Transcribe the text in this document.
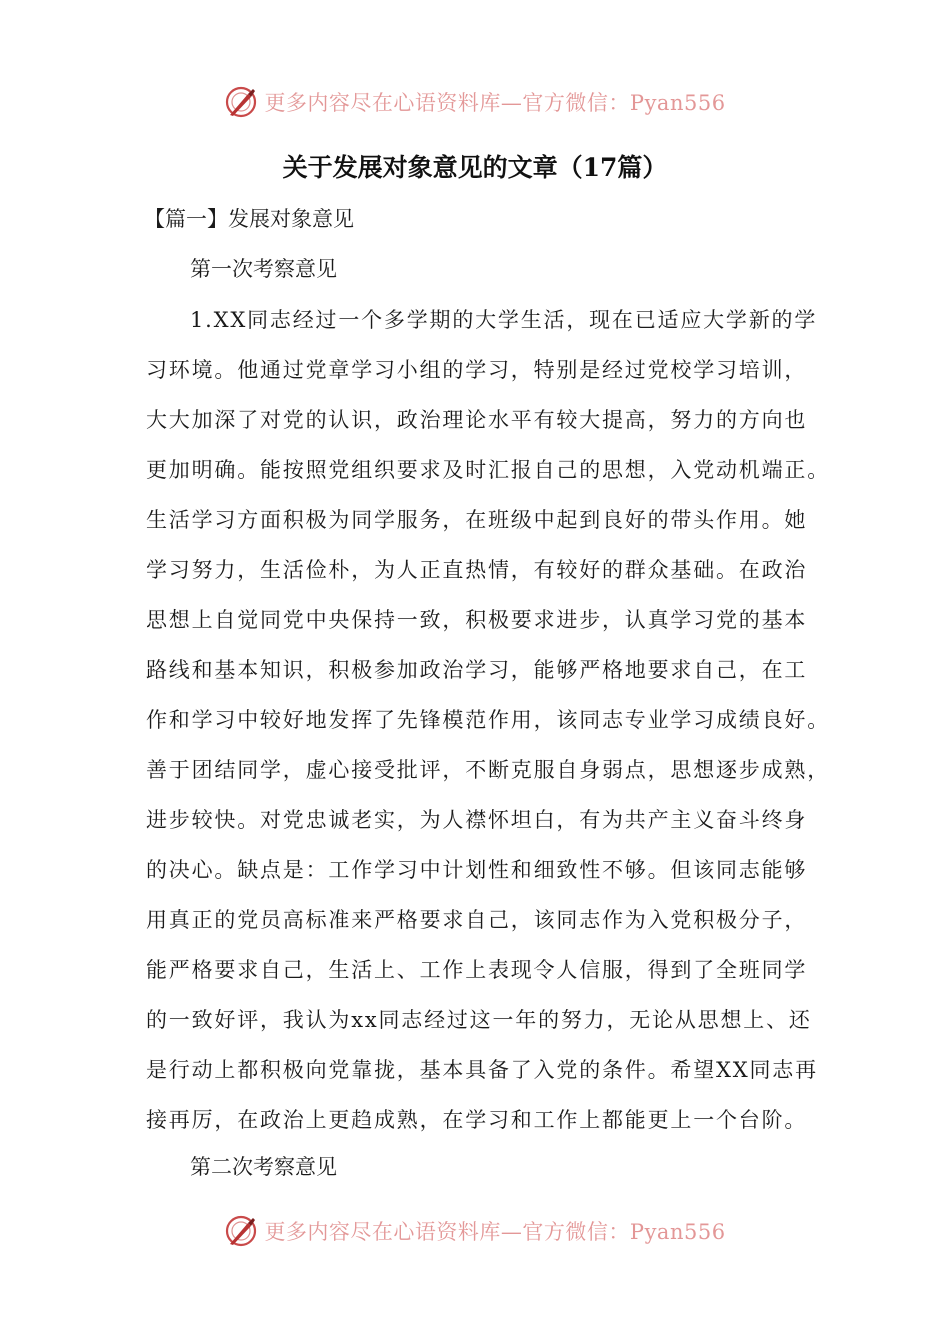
更多内容尽在心语资料库—官方微信：Pyan556
关于发展对象意见的文章（17篇）
【篇一】发展对象意见
第一次考察意见
1.XX同志经过一个多学期的大学生活，现在已适应大学新的学
习环境。他通过党章学习小组的学习，特别是经过党校学习培训，
大大加深了对党的认识，政治理论水平有较大提高，努力的方向也
更加明确。能按照党组织要求及时汇报自己的思想，入党动机端正。
生活学习方面积极为同学服务，在班级中起到良好的带头作用。她
学习努力，生活俭朴，为人正直热情，有较好的群众基础。在政治
思想上自觉同党中央保持一致，积极要求进步，认真学习党的基本
路线和基本知识，积极参加政治学习，能够严格地要求自己，在工
作和学习中较好地发挥了先锋模范作用，该同志专业学习成绩良好。
善于团结同学，虚心接受批评，不断克服自身弱点，思想逐步成熟，
进步较快。对党忠诚老实，为人襟怀坦白，有为共产主义奋斗终身
的决心。缺点是：工作学习中计划性和细致性不够。但该同志能够
用真正的党员高标准来严格要求自己，该同志作为入党积极分子，
能严格要求自己，生活上、工作上表现令人信服，得到了全班同学
的一致好评，我认为xx同志经过这一年的努力，无论从思想上、还
是行动上都积极向党靠拢，基本具备了入党的条件。希望XX同志再
接再厉，在政治上更趋成熟，在学习和工作上都能更上一个台阶。
第二次考察意见
更多内容尽在心语资料库—官方微信：Pyan556
